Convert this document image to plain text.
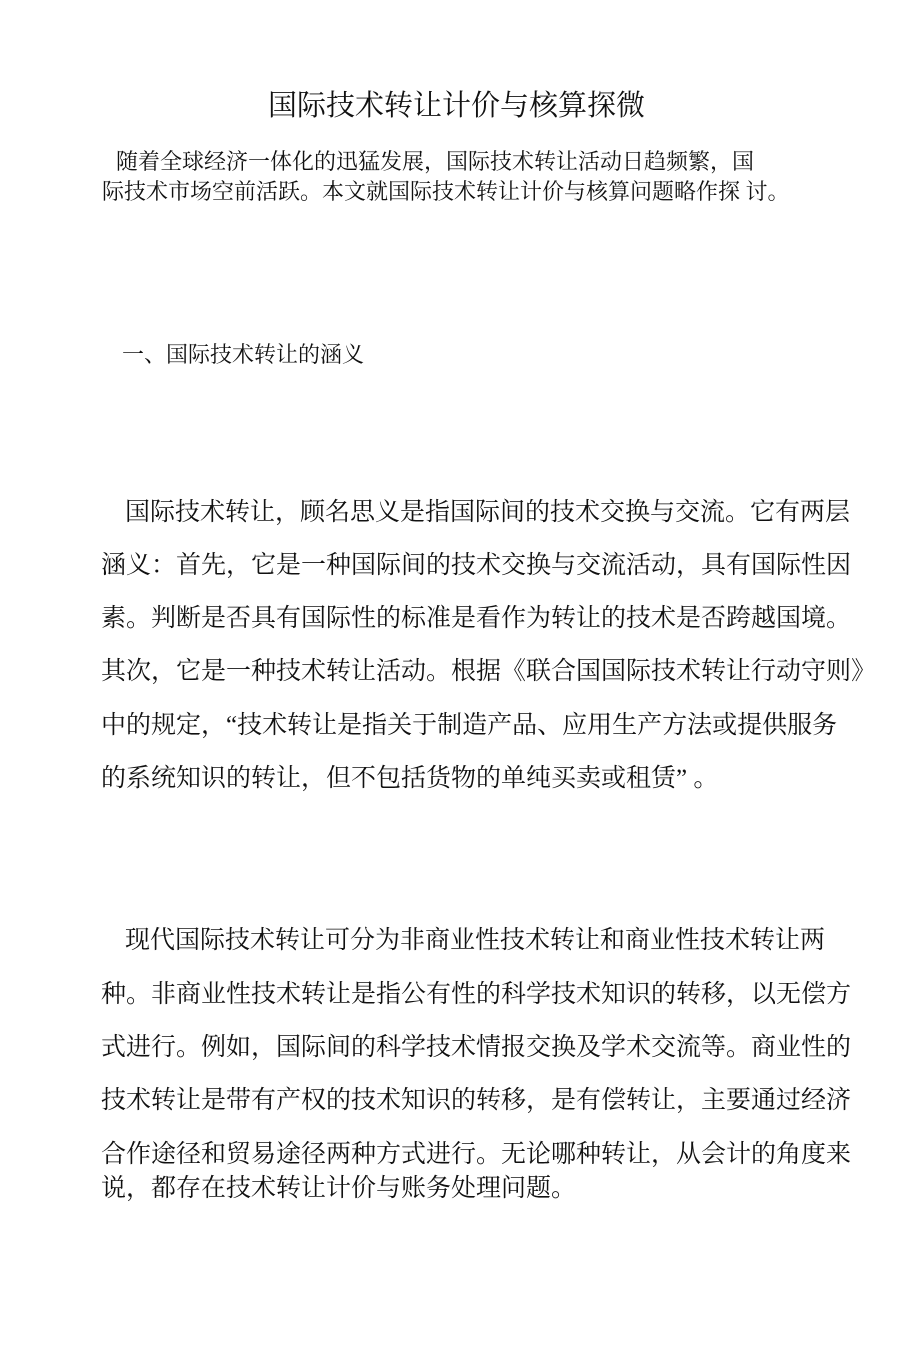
国际技术转让计价与核算探微
随着全球经济一体化的迅猛发展，国际技术转让活动日趋频繁，国
际技术市场空前活跃。本文就国际技术转让计价与核算问题略作探 讨。
一、国际技术转让的涵义
国际技术转让，顾名思义是指国际间的技术交换与交流。它有两层
涵义：首先，它是一种国际间的技术交换与交流活动，具有国际性因
素。判断是否具有国际性的标准是看作为转让的技术是否跨越国境。
其次，它是一种技术转让活动。根据《联合国国际技术转让行动守则》
中的规定，“技术转让是指关于制造产品、应用生产方法或提供服务
的系统知识的转让，但不包括货物的单纯买卖或租赁” 。
现代国际技术转让可分为非商业性技术转让和商业性技术转让两
种。非商业性技术转让是指公有性的科学技术知识的转移，以无偿方
式进行。例如，国际间的科学技术情报交换及学术交流等。商业性的
技术转让是带有产权的技术知识的转移，是有偿转让，主要通过经济
合作途径和贸易途径两种方式进行。无论哪种转让，从会计的角度来
说，都存在技术转让计价与账务处理问题。
